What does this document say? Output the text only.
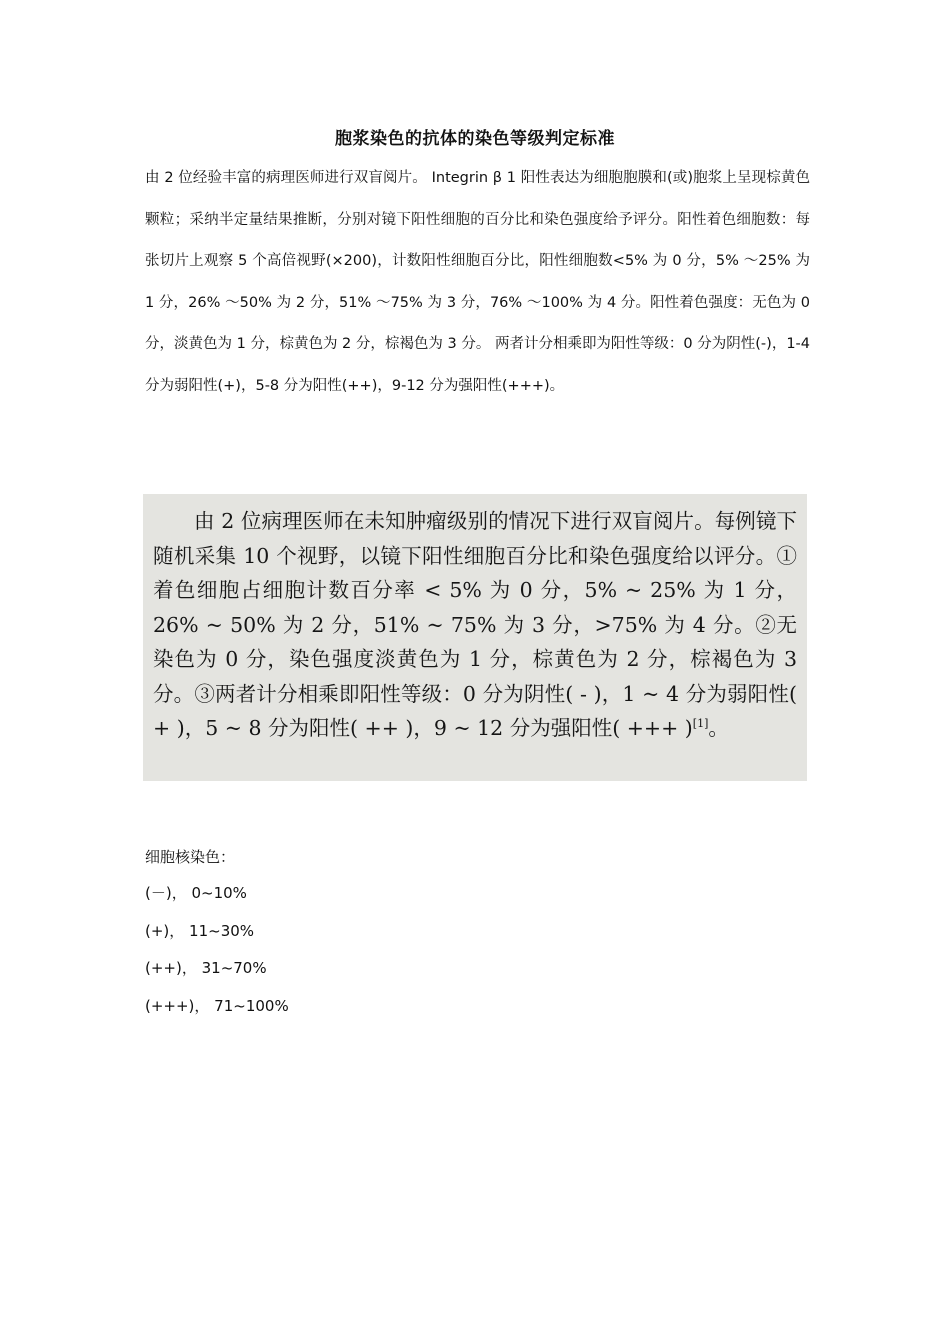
胞浆染色的抗体的染色等级判定标准

由 2 位经验丰富的病理医师进行双盲阅片。 Integrin β 1 阳性表达为细胞胞膜和(或)胞浆上呈现棕黄色颗粒；采纳半定量结果推断，分别对镜下阳性细胞的百分比和染色强度给予评分。阳性着色细胞数：每张切片上观察 5 个高倍视野(×200)，计数阳性细胞百分比，阳性细胞数<5% 为 0 分，5% ～25% 为 1 分，26% ～50% 为 2 分，51% ～75% 为 3 分，76% ～100% 为 4 分。阳性着色强度：无色为 0 分，淡黄色为 1 分，棕黄色为 2 分，棕褐色为 3 分。 两者计分相乘即为阳性等级：0 分为阴性(-)，1-4 分为弱阳性(+)，5-8 分为阳性(++)，9-12 分为强阳性(+++)。

由 2 位病理医师在未知肿瘤级别的情况下进行双盲阅片。每例镜下随机采集 10 个视野，以镜下阳性细胞百分比和染色强度给以评分。①着色细胞占细胞计数百分率 < 5% 为 0 分，5% ~ 25% 为 1 分，26% ~ 50% 为 2 分，51% ~ 75% 为 3 分，>75% 为 4 分。②无染色为 0 分，染色强度淡黄色为 1 分，棕黄色为 2 分，棕褐色为 3 分。③两者计分相乘即阳性等级：0 分为阴性( - )，1 ~ 4 分为弱阳性( + )，5 ~ 8 分为阳性( ++ )，9 ~ 12 分为强阳性( +++ )[1]。

细胞核染色：
(－)， 0~10%
(+)， 11~30%
(++)， 31~70%
(+++)， 71~100%
